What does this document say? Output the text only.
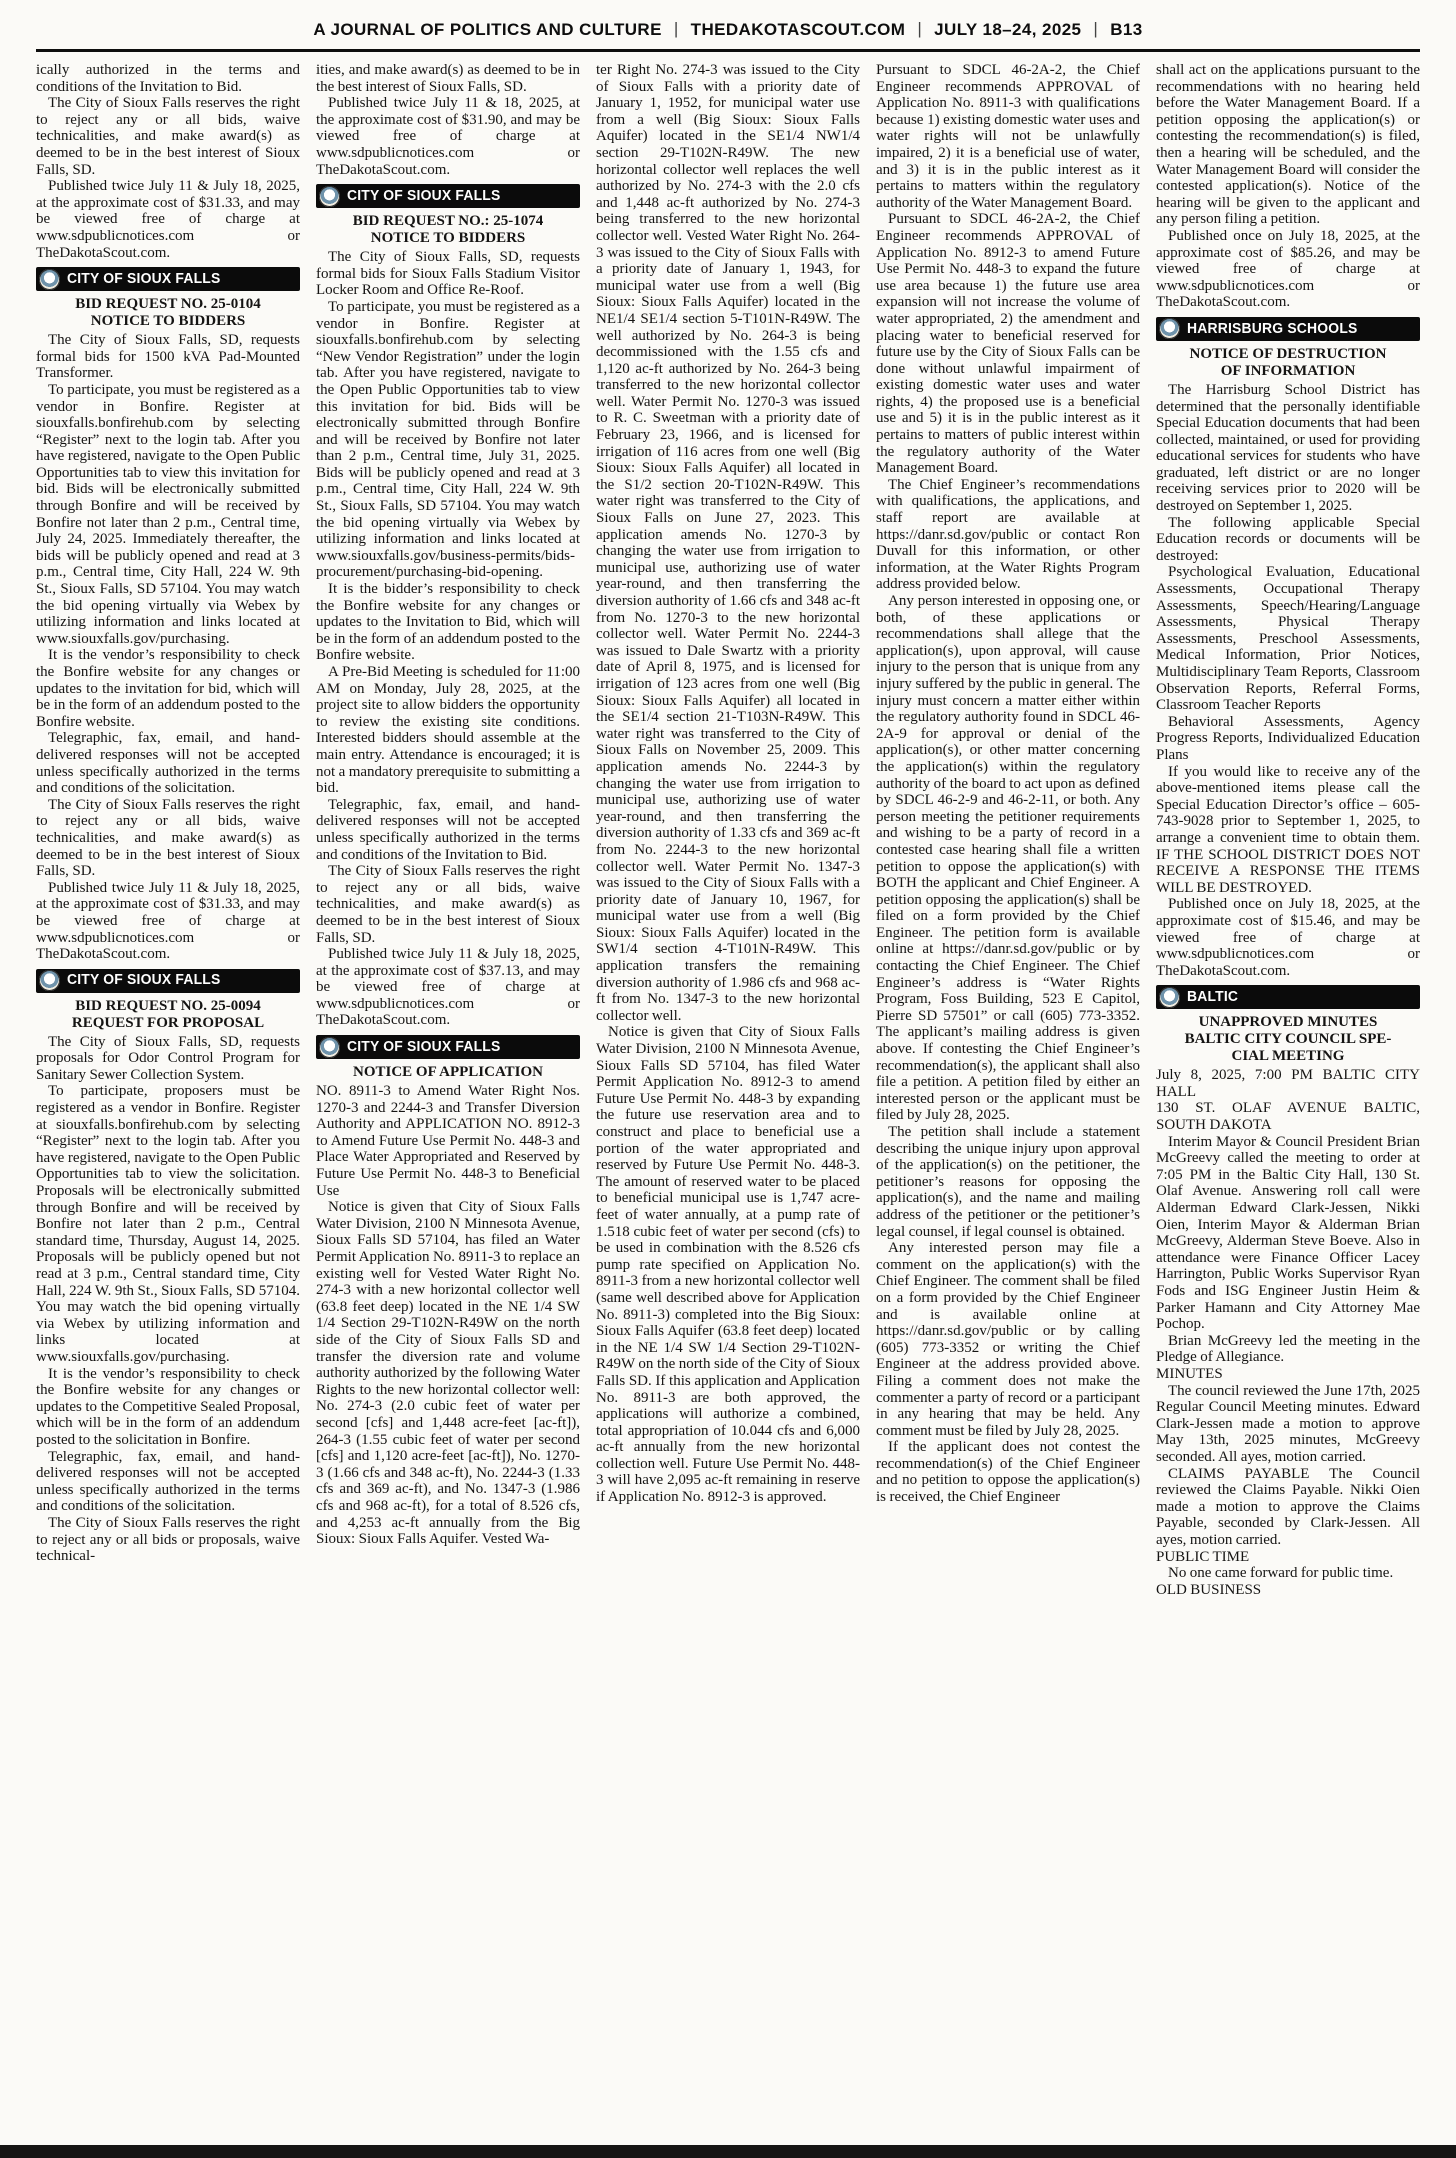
A JOURNAL OF POLITICS AND CULTURE | THEDAKOTASCOUT.COM | JULY 18–24, 2025 | B13

ically authorized in the terms and conditions of the Invitation to Bid.

The City of Sioux Falls reserves the right to reject any or all bids, waive technicalities, and make award(s) as deemed to be in the best interest of Sioux Falls, SD.

Published twice July 11 & July 18, 2025, at the approximate cost of $31.33, and may be viewed free of charge at www.sdpublicnotices.com or TheDakotaScout.com.

CITY OF SIOUX FALLS
BID REQUEST NO. 25-0104
NOTICE TO BIDDERS

The City of Sioux Falls, SD, requests formal bids for 1500 kVA Pad-Mounted Transformer.

To participate, you must be registered as a vendor in Bonfire. Register at siouxfalls.bonfirehub.com by selecting “Register” next to the login tab. After you have registered, navigate to the Open Public Opportunities tab to view this invitation for bid. Bids will be electronically submitted through Bonfire and will be received by Bonfire not later than 2 p.m., Central time, July 24, 2025. Immediately thereafter, the bids will be publicly opened and read at 3 p.m., Central time, City Hall, 224 W. 9th St., Sioux Falls, SD 57104. You may watch the bid opening virtually via Webex by utilizing information and links located at www.siouxfalls.gov/purchasing.

It is the vendor’s responsibility to check the Bonfire website for any changes or updates to the invitation for bid, which will be in the form of an addendum posted to the Bonfire website.

Telegraphic, fax, email, and hand-delivered responses will not be accepted unless specifically authorized in the terms and conditions of the solicitation.

The City of Sioux Falls reserves the right to reject any or all bids, waive technicalities, and make award(s) as deemed to be in the best interest of Sioux Falls, SD.

Published twice July 11 & July 18, 2025, at the approximate cost of $31.33, and may be viewed free of charge at www.sdpublicnotices.com or TheDakotaScout.com.

CITY OF SIOUX FALLS
BID REQUEST NO. 25-0094
REQUEST FOR PROPOSAL

The City of Sioux Falls, SD, requests proposals for Odor Control Program for Sanitary Sewer Collection System.

To participate, proposers must be registered as a vendor in Bonfire. Register at siouxfalls.bonfirehub.com by selecting “Register” next to the login tab. After you have registered, navigate to the Open Public Opportunities tab to view the solicitation. Proposals will be electronically submitted through Bonfire and will be received by Bonfire not later than 2 p.m., Central standard time, Thursday, August 14, 2025. Proposals will be publicly opened but not read at 3 p.m., Central standard time, City Hall, 224 W. 9th St., Sioux Falls, SD 57104. You may watch the bid opening virtually via Webex by utilizing information and links located at www.siouxfalls.gov/purchasing.

It is the vendor’s responsibility to check the Bonfire website for any changes or updates to the Competitive Sealed Proposal, which will be in the form of an addendum posted to the solicitation in Bonfire.

Telegraphic, fax, email, and hand-delivered responses will not be accepted unless specifically authorized in the terms and conditions of the solicitation.

The City of Sioux Falls reserves the right to reject any or all bids or proposals, waive technical-

ities, and make award(s) as deemed to be in the best interest of Sioux Falls, SD.

Published twice July 11 & 18, 2025, at the approximate cost of $31.90, and may be viewed free of charge at www.sdpublicnotices.com or TheDakotaScout.com.

CITY OF SIOUX FALLS
BID REQUEST NO.: 25-1074
NOTICE TO BIDDERS

The City of Sioux Falls, SD, requests formal bids for Sioux Falls Stadium Visitor Locker Room and Office Re-Roof.

To participate, you must be registered as a vendor in Bonfire. Register at siouxfalls.bonfirehub.com by selecting “New Vendor Registration” under the login tab. After you have registered, navigate to the Open Public Opportunities tab to view this invitation for bid. Bids will be electronically submitted through Bonfire and will be received by Bonfire not later than 2 p.m., Central time, July 31, 2025. Bids will be publicly opened and read at 3 p.m., Central time, City Hall, 224 W. 9th St., Sioux Falls, SD 57104. You may watch the bid opening virtually via Webex by utilizing information and links located at www.siouxfalls.gov/business-permits/bids-procurement/purchasing-bid-opening.

It is the bidder’s responsibility to check the Bonfire website for any changes or updates to the Invitation to Bid, which will be in the form of an addendum posted to the Bonfire website.

A Pre-Bid Meeting is scheduled for 11:00 AM on Monday, July 28, 2025, at the project site to allow bidders the opportunity to review the existing site conditions. Interested bidders should assemble at the main entry. Attendance is encouraged; it is not a mandatory prerequisite to submitting a bid.

Telegraphic, fax, email, and hand-delivered responses will not be accepted unless specifically authorized in the terms and conditions of the Invitation to Bid.

The City of Sioux Falls reserves the right to reject any or all bids, waive technicalities, and make award(s) as deemed to be in the best interest of Sioux Falls, SD.

Published twice July 11 & July 18, 2025, at the approximate cost of $37.13, and may be viewed free of charge at www.sdpublicnotices.com or TheDakotaScout.com.

CITY OF SIOUX FALLS
NOTICE OF APPLICATION

NO. 8911-3 to Amend Water Right Nos. 1270-3 and 2244-3 and Transfer Diversion Authority and APPLICATION NO. 8912-3 to Amend Future Use Permit No. 448-3 and Place Water Appropriated and Reserved by Future Use Permit No. 448-3 to Beneficial Use

Notice is given that City of Sioux Falls Water Division, 2100 N Minnesota Avenue, Sioux Falls SD 57104, has filed an Water Permit Application No. 8911-3 to replace an existing well for Vested Water Right No. 274-3 with a new horizontal collector well (63.8 feet deep) located in the NE 1/4 SW 1/4 Section 29-T102N-R49W on the north side of the City of Sioux Falls SD and transfer the diversion rate and volume authority authorized by the following Water Rights to the new horizontal collector well: No. 274-3 (2.0 cubic feet of water per second [cfs] and 1,448 acre-feet [ac-ft]), 264-3 (1.55 cubic feet of water per second [cfs] and 1,120 acre-feet [ac-ft]), No. 1270-3 (1.66 cfs and 348 ac-ft), No. 2244-3 (1.33 cfs and 369 ac-ft), and No. 1347-3 (1.986 cfs and 968 ac-ft), for a total of 8.526 cfs, and 4,253 ac-ft annually from the Big Sioux: Sioux Falls Aquifer. Vested Wa-

ter Right No. 274-3 was issued to the City of Sioux Falls with a priority date of January 1, 1952, for municipal water use from a well (Big Sioux: Sioux Falls Aquifer) located in the SE1/4 NW1/4 section 29-T102N-R49W. The new horizontal collector well replaces the well authorized by No. 274-3 with the 2.0 cfs and 1,448 ac-ft authorized by No. 274-3 being transferred to the new horizontal collector well. Vested Water Right No. 264-3 was issued to the City of Sioux Falls with a priority date of January 1, 1943, for municipal water use from a well (Big Sioux: Sioux Falls Aquifer) located in the NE1/4 SE1/4 section 5-T101N-R49W. The well authorized by No. 264-3 is being decommissioned with the 1.55 cfs and 1,120 ac-ft authorized by No. 264-3 being transferred to the new horizontal collector well. Water Permit No. 1270-3 was issued to R. C. Sweetman with a priority date of February 23, 1966, and is licensed for irrigation of 116 acres from one well (Big Sioux: Sioux Falls Aquifer) all located in the S1/2 section 20-T102N-R49W. This water right was transferred to the City of Sioux Falls on June 27, 2023. This application amends No. 1270-3 by changing the water use from irrigation to municipal use, authorizing use of water year-round, and then transferring the diversion authority of 1.66 cfs and 348 ac-ft from No. 1270-3 to the new horizontal collector well. Water Permit No. 2244-3 was issued to Dale Swartz with a priority date of April 8, 1975, and is licensed for irrigation of 123 acres from one well (Big Sioux: Sioux Falls Aquifer) all located in the SE1/4 section 21-T103N-R49W. This water right was transferred to the City of Sioux Falls on November 25, 2009. This application amends No. 2244-3 by changing the water use from irrigation to municipal use, authorizing use of water year-round, and then transferring the diversion authority of 1.33 cfs and 369 ac-ft from No. 2244-3 to the new horizontal collector well. Water Permit No. 1347-3 was issued to the City of Sioux Falls with a priority date of January 10, 1967, for municipal water use from a well (Big Sioux: Sioux Falls Aquifer) located in the SW1/4 section 4-T101N-R49W. This application transfers the remaining diversion authority of 1.986 cfs and 968 ac-ft from No. 1347-3 to the new horizontal collector well.

Notice is given that City of Sioux Falls Water Division, 2100 N Minnesota Avenue, Sioux Falls SD 57104, has filed Water Permit Application No. 8912-3 to amend Future Use Permit No. 448-3 by expanding the future use reservation area and to construct and place to beneficial use a portion of the water appropriated and reserved by Future Use Permit No. 448-3. The amount of reserved water to be placed to beneficial municipal use is 1,747 acre-feet of water annually, at a pump rate of 1.518 cubic feet of water per second (cfs) to be used in combination with the 8.526 cfs pump rate specified on Application No. 8911-3 from a new horizontal collector well (same well described above for Application No. 8911-3) completed into the Big Sioux: Sioux Falls Aquifer (63.8 feet deep) located in the NE 1/4 SW 1/4 Section 29-T102N-R49W on the north side of the City of Sioux Falls SD. If this application and Application No. 8911-3 are both approved, the applications will authorize a combined, total appropriation of 10.044 cfs and 6,000 ac-ft annually from the new horizontal collection well. Future Use Permit No. 448-3 will have 2,095 ac-ft remaining in reserve if Application No. 8912-3 is approved.

Pursuant to SDCL 46-2A-2, the Chief Engineer recommends APPROVAL of Application No. 8911-3 with qualifications because 1) existing domestic water uses and water rights will not be unlawfully impaired, 2) it is a beneficial use of water, and 3) it is in the public interest as it pertains to matters within the regulatory authority of the Water Management Board.

Pursuant to SDCL 46-2A-2, the Chief Engineer recommends APPROVAL of Application No. 8912-3 to amend Future Use Permit No. 448-3 to expand the future use area because 1) the future use area expansion will not increase the volume of water appropriated, 2) the amendment and placing water to beneficial reserved for future use by the City of Sioux Falls can be done without unlawful impairment of existing domestic water uses and water rights, 4) the proposed use is a beneficial use and 5) it is in the public interest as it pertains to matters of public interest within the regulatory authority of the Water Management Board.

The Chief Engineer’s recommendations with qualifications, the applications, and staff report are available at https://danr.sd.gov/public or contact Ron Duvall for this information, or other information, at the Water Rights Program address provided below.

Any person interested in opposing one, or both, of these applications or recommendations shall allege that the application(s), upon approval, will cause injury to the person that is unique from any injury suffered by the public in general. The injury must concern a matter either within the regulatory authority found in SDCL 46-2A-9 for approval or denial of the application(s), or other matter concerning the application(s) within the regulatory authority of the board to act upon as defined by SDCL 46-2-9 and 46-2-11, or both. Any person meeting the petitioner requirements and wishing to be a party of record in a contested case hearing shall file a written petition to oppose the application(s) with BOTH the applicant and Chief Engineer. A petition opposing the application(s) shall be filed on a form provided by the Chief Engineer. The petition form is available online at https://danr.sd.gov/public or by contacting the Chief Engineer. The Chief Engineer’s address is “Water Rights Program, Foss Building, 523 E Capitol, Pierre SD 57501” or call (605) 773-3352. The applicant’s mailing address is given above. If contesting the Chief Engineer’s recommendation(s), the applicant shall also file a petition. A petition filed by either an interested person or the applicant must be filed by July 28, 2025.

The petition shall include a statement describing the unique injury upon approval of the application(s) on the petitioner, the petitioner’s reasons for opposing the application(s), and the name and mailing address of the petitioner or the petitioner’s legal counsel, if legal counsel is obtained.

Any interested person may file a comment on the application(s) with the Chief Engineer. The comment shall be filed on a form provided by the Chief Engineer and is available online at https://danr.sd.gov/public or by calling (605) 773-3352 or writing the Chief Engineer at the address provided above. Filing a comment does not make the commenter a party of record or a participant in any hearing that may be held. Any comment must be filed by July 28, 2025.

If the applicant does not contest the recommendation(s) of the Chief Engineer and no petition to oppose the application(s) is received, the Chief Engineer

shall act on the applications pursuant to the recommendations with no hearing held before the Water Management Board. If a petition opposing the application(s) or contesting the recommendation(s) is filed, then a hearing will be scheduled, and the Water Management Board will consider the contested application(s). Notice of the hearing will be given to the applicant and any person filing a petition.

Published once on July 18, 2025, at the approximate cost of $85.26, and may be viewed free of charge at www.sdpublicnotices.com or TheDakotaScout.com.

HARRISBURG SCHOOLS
NOTICE OF DESTRUCTION
OF INFORMATION

The Harrisburg School District has determined that the personally identifiable Special Education documents that had been collected, maintained, or used for providing educational services for students who have graduated, left district or are no longer receiving services prior to 2020 will be destroyed on September 1, 2025.

The following applicable Special Education records or documents will be destroyed:

Psychological Evaluation, Educational Assessments, Occupational Therapy Assessments, Speech/Hearing/Language Assessments, Physical Therapy Assessments, Preschool Assessments, Medical Information, Prior Notices, Multidisciplinary Team Reports, Classroom Observation Reports, Referral Forms, Classroom Teacher Reports

Behavioral Assessments, Agency Progress Reports, Individualized Education Plans

If you would like to receive any of the above-mentioned items please call the Special Education Director’s office – 605-743-9028 prior to September 1, 2025, to arrange a convenient time to obtain them. IF THE SCHOOL DISTRICT DOES NOT RECEIVE A RESPONSE THE ITEMS WILL BE DESTROYED.

Published once on July 18, 2025, at the approximate cost of $15.46, and may be viewed free of charge at www.sdpublicnotices.com or TheDakotaScout.com.

BALTIC
UNAPPROVED MINUTES
BALTIC CITY COUNCIL SPE-
CIAL MEETING

July 8, 2025, 7:00 PM BALTIC CITY HALL

130 ST. OLAF AVENUE BALTIC, SOUTH DAKOTA

Interim Mayor & Council President Brian McGreevy called the meeting to order at 7:05 PM in the Baltic City Hall, 130 St. Olaf Avenue. Answering roll call were Alderman Edward Clark-Jessen, Nikki Oien, Interim Mayor & Alderman Brian McGreevy, Alderman Steve Boeve. Also in attendance were Finance Officer Lacey Harrington, Public Works Supervisor Ryan Fods and ISG Engineer Justin Heim & Parker Hamann and City Attorney Mae Pochop.

Brian McGreevy led the meeting in the Pledge of Allegiance.

MINUTES

The council reviewed the June 17th, 2025 Regular Council Meeting minutes. Edward Clark-Jessen made a motion to approve May 13th, 2025 minutes, McGreevy seconded. All ayes, motion carried.

CLAIMS PAYABLE The Council reviewed the Claims Payable. Nikki Oien made a motion to approve the Claims Payable, seconded by Clark-Jessen. All ayes, motion carried.

PUBLIC TIME

No one came forward for public time.

OLD BUSINESS
